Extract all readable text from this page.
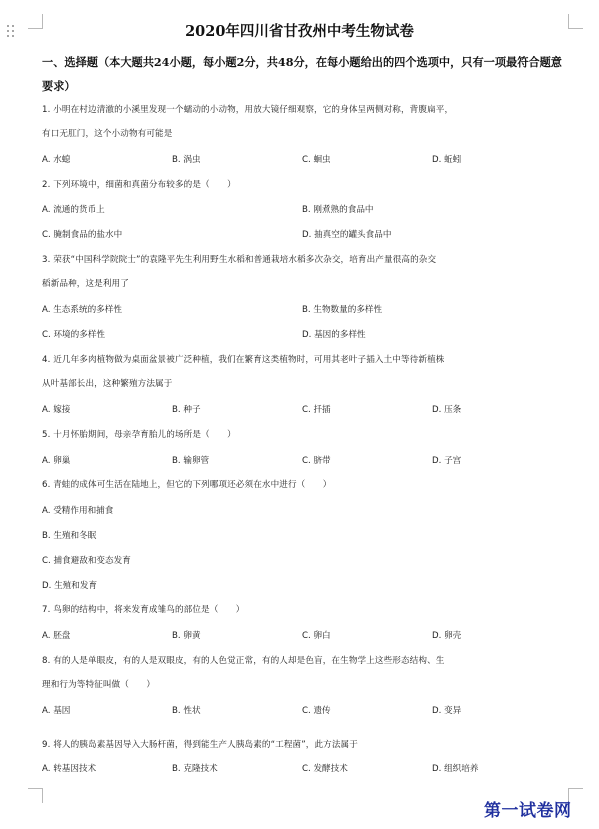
2020年四川省甘孜州中考生物试卷
一、选择题（本大题共24小题，每小题2分，共48分，在每小题给出的四个选项中，只有一项最符合题意要求）
1. 小明在村边清澈的小溪里发现一个蠕动的小动物，用放大镜仔细观察，它的身体呈两侧对称，背腹扁平，
有口无肛门，这个小动物有可能是
A. 水螅	B. 涡虫	C. 蛔虫	D. 蚯蚓
2. 下列环境中，细菌和真菌分布较多的是（　　）
A. 流通的货币上	B. 刚煮熟的食品中
C. 腌制食品的盐水中	D. 抽真空的罐头食品中
3. 荣获“中国科学院院士”的袁隆平先生利用野生水稻和普通栽培水稻多次杂交，培育出产量很高的杂交
稻新品种，这是利用了
A. 生态系统的多样性	B. 生物数量的多样性
C. 环境的多样性	D. 基因的多样性
4. 近几年多肉植物做为桌面盆景被广泛种植，我们在繁育这类植物时，可用其老叶子插入土中等待新植株
从叶基部长出，这种繁殖方法属于
A. 嫁接	B. 种子	C. 扦插	D. 压条
5. 十月怀胎期间，母亲孕育胎儿的场所是（　　）
A. 卵巢	B. 输卵管	C. 脐带	D. 子宫
6. 青蛙的成体可生活在陆地上，但它的下列哪项还必须在水中进行（　　）
A. 受精作用和捕食
B. 生殖和冬眠
C. 捕食避敌和变态发育
D. 生殖和发育
7. 鸟卵的结构中，将来发育成雏鸟的部位是（　　）
A. 胚盘	B. 卵黄	C. 卵白	D. 卵壳
8. 有的人是单眼皮，有的人是双眼皮，有的人色觉正常，有的人却是色盲，在生物学上这些形态结构、生
理和行为等特征叫做（　　）
A. 基因	B. 性状	C. 遗传	D. 变异
9. 将人的胰岛素基因导入大肠杆菌，得到能生产人胰岛素的“工程菌”，此方法属于
A. 转基因技术	B. 克隆技术	C. 发酵技术	D. 组织培养
第一试卷网
